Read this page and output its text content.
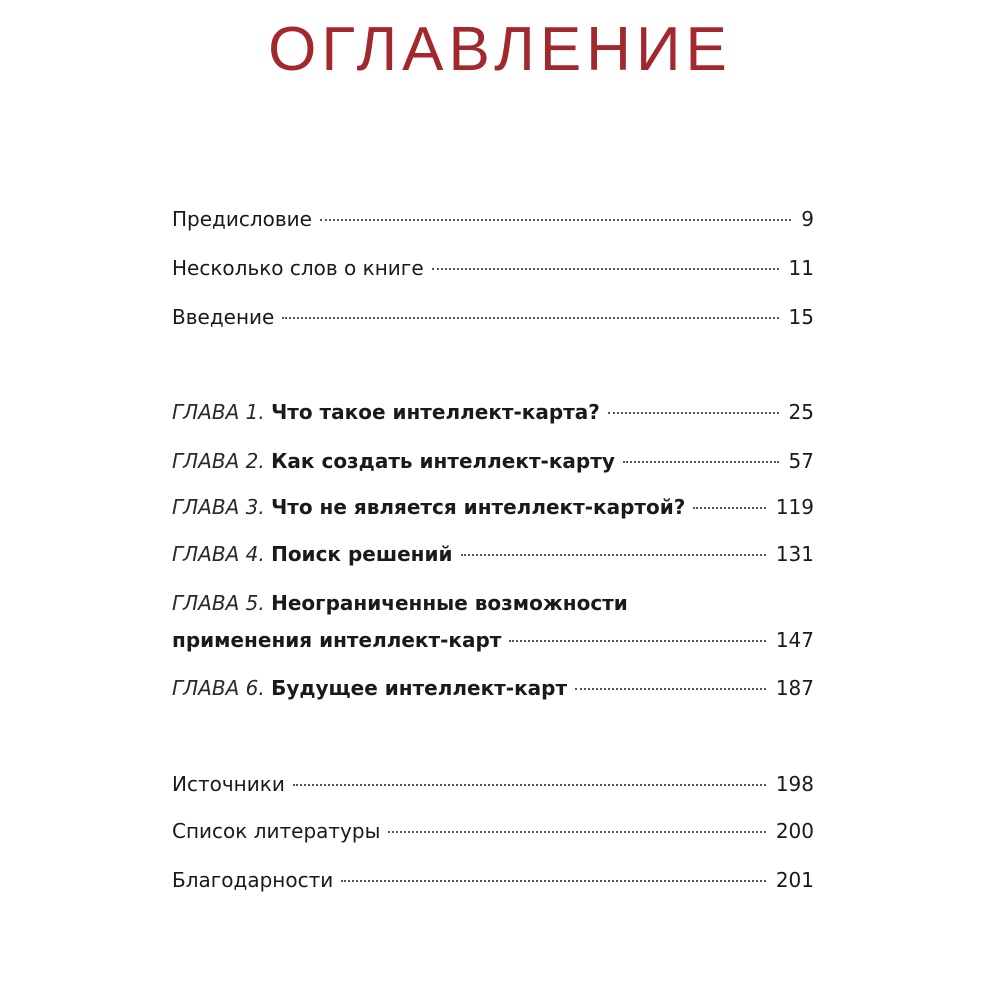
ОГЛАВЛЕНИЕ
Предисловие	9
Несколько слов о книге	11
Введение	15
ГЛАВА 1. Что такое интеллект-карта?	25
ГЛАВА 2. Как создать интеллект-карту	57
ГЛАВА 3. Что не является интеллект-картой?	119
ГЛАВА 4. Поиск решений	131
ГЛАВА 5. Неограниченные возможности
применения интеллект-карт	147
ГЛАВА 6. Будущее интеллект-карт	187
Источники	198
Список литературы	200
Благодарности	201
